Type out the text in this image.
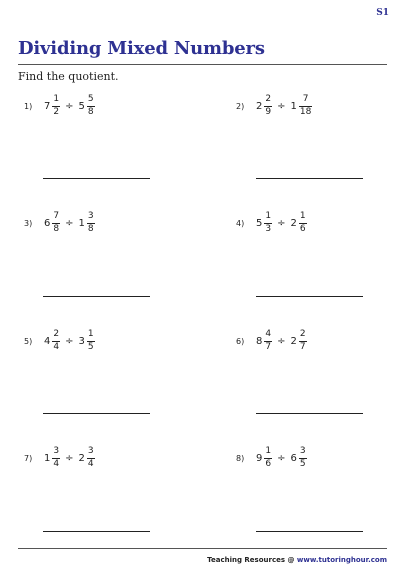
S1
Dividing Mixed Numbers
Find the quotient.
1) $7 \frac{1}{2} \div 5 \frac{5}{8}$	2) $2 \frac{2}{9} \div 1 \frac{7}{18}$
3) $6 \frac{7}{8} \div 1 \frac{3}{8}$	4) $5 \frac{1}{3} \div 2 \frac{1}{6}$
5) $4 \frac{2}{4} \div 3 \frac{1}{5}$	6) $8 \frac{4}{7} \div 2 \frac{2}{7}$
7) $1 \frac{3}{4} \div 2 \frac{3}{4}$	8) $9 \frac{1}{6} \div 6 \frac{3}{5}$
Teaching Resources @ www.tutoringhour.com
